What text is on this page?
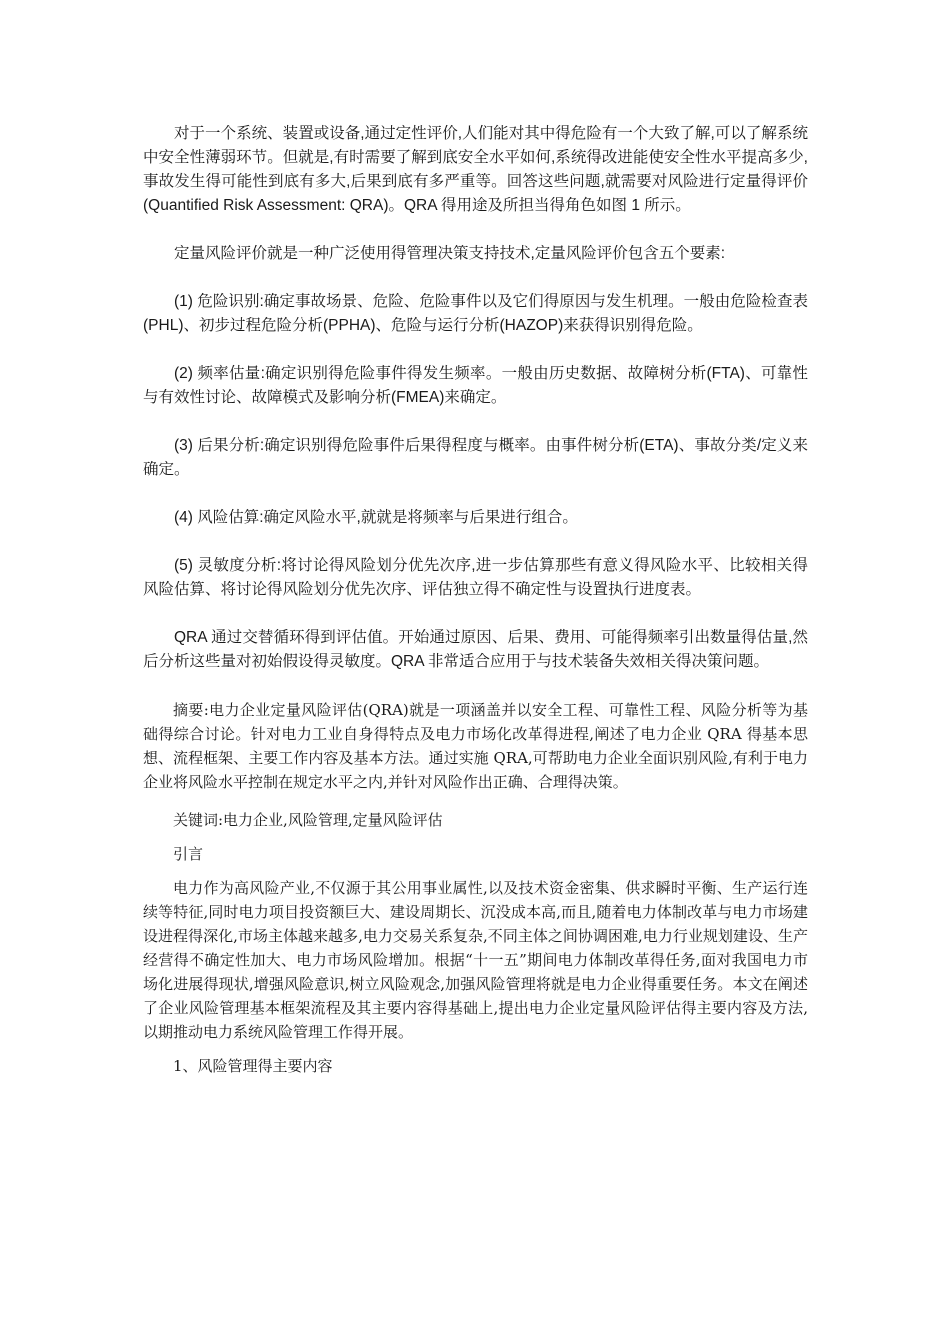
对于一个系统、装置或设备,通过定性评价,人们能对其中得危险有一个大致了解,可以了解系统中安全性薄弱环节。但就是,有时需要了解到底安全水平如何,系统得改进能使安全性水平提高多少,事故发生得可能性到底有多大,后果到底有多严重等。回答这些问题,就需要对风险进行定量得评价(Quantified Risk Assessment: QRA)。QRA 得用途及所担当得角色如图 1 所示。

定量风险评价就是一种广泛使用得管理决策支持技术,定量风险评价包含五个要素:

(1) 危险识别:确定事故场景、危险、危险事件以及它们得原因与发生机理。一般由危险检查表(PHL)、初步过程危险分析(PPHA)、危险与运行分析(HAZOP)来获得识别得危险。

(2) 频率估量:确定识别得危险事件得发生频率。一般由历史数据、故障树分析(FTA)、可靠性与有效性讨论、故障模式及影响分析(FMEA)来确定。

(3) 后果分析:确定识别得危险事件后果得程度与概率。由事件树分析(ETA)、事故分类/定义来确定。

(4) 风险估算:确定风险水平,就就是将频率与后果进行组合。

(5) 灵敏度分析:将讨论得风险划分优先次序,进一步估算那些有意义得风险水平、比较相关得风险估算、将讨论得风险划分优先次序、评估独立得不确定性与设置执行进度表。

QRA 通过交替循环得到评估值。开始通过原因、后果、费用、可能得频率引出数量得估量,然后分析这些量对初始假设得灵敏度。QRA 非常适合应用于与技术装备失效相关得决策问题。

摘要:电力企业定量风险评估(QRA)就是一项涵盖并以安全工程、可靠性工程、风险分析等为基础得综合讨论。针对电力工业自身得特点及电力市场化改革得进程,阐述了电力企业 QRA 得基本思想、流程框架、主要工作内容及基本方法。通过实施 QRA,可帮助电力企业全面识别风险,有利于电力企业将风险水平控制在规定水平之内,并针对风险作出正确、合理得决策。

关键词:电力企业,风险管理,定量风险评估

引言

电力作为高风险产业,不仅源于其公用事业属性,以及技术资金密集、供求瞬时平衡、生产运行连续等特征,同时电力项目投资额巨大、建设周期长、沉没成本高,而且,随着电力体制改革与电力市场建设进程得深化,市场主体越来越多,电力交易关系复杂,不同主体之间协调困难,电力行业规划建设、生产经营得不确定性加大、电力市场风险增加。根据“十一五”期间电力体制改革得任务,面对我国电力市场化进展得现状,增强风险意识,树立风险观念,加强风险管理将就是电力企业得重要任务。本文在阐述了企业风险管理基本框架流程及其主要内容得基础上,提出电力企业定量风险评估得主要内容及方法,以期推动电力系统风险管理工作得开展。

1、风险管理得主要内容
